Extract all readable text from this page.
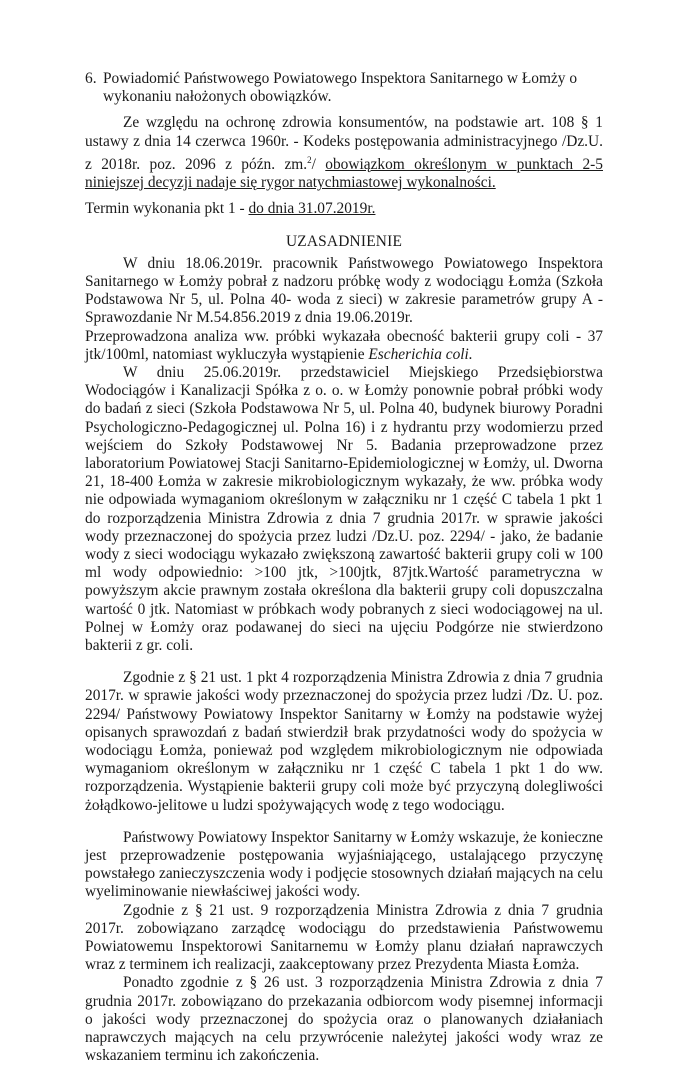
6. Powiadomić Państwowego Powiatowego Inspektora Sanitarnego w Łomży o wykonaniu nałożonych obowiązków.

Ze względu na ochronę zdrowia konsumentów, na podstawie art. 108 § 1 ustawy z dnia 14 czerwca 1960r. - Kodeks postępowania administracyjnego /Dz.U. z 2018r. poz. 2096 z późn. zm.$^2$/ obowiązkom określonym w punktach 2-5 niniejszej decyzji nadaje się rygor natychmiastowej wykonalności.

Termin wykonania pkt 1 - do dnia 31.07.2019r.

UZASADNIENIE

W dniu 18.06.2019r. pracownik Państwowego Powiatowego Inspektora Sanitarnego w Łomży pobrał z nadzoru próbkę wody z wodociągu Łomża (Szkoła Podstawowa Nr 5, ul. Polna 40- woda z sieci) w zakresie parametrów grupy A - Sprawozdanie Nr M.54.856.2019 z dnia 19.06.2019r.

Przeprowadzona analiza ww. próbki wykazała obecność bakterii grupy coli - 37 jtk/100ml, natomiast wykluczyła wystąpienie Escherichia coli.

W dniu 25.06.2019r. przedstawiciel Miejskiego Przedsiębiorstwa Wodociągów i Kanalizacji Spółka z o. o. w Łomży ponownie pobrał próbki wody do badań z sieci (Szkoła Podstawowa Nr 5, ul. Polna 40, budynek biurowy Poradni Psychologiczno-Pedagogicznej ul. Polna 16) i z hydrantu przy wodomierzu przed wejściem do Szkoły Podstawowej Nr 5. Badania przeprowadzone przez laboratorium Powiatowej Stacji Sanitarno-Epidemiologicznej w Łomży, ul. Dworna 21, 18-400 Łomża w zakresie mikrobiologicznym wykazały, że ww. próbka wody nie odpowiada wymaganiom określonym w załączniku nr 1 część C tabela 1 pkt 1 do rozporządzenia Ministra Zdrowia z dnia 7 grudnia 2017r. w sprawie jakości wody przeznaczonej do spożycia przez ludzi /Dz.U. poz. 2294/ - jako, że badanie wody z sieci wodociągu wykazało zwiększoną zawartość bakterii grupy coli w 100 ml wody odpowiednio: >100 jtk, >100jtk, 87jtk.Wartość parametryczna w powyższym akcie prawnym została określona dla bakterii grupy coli dopuszczalna wartość 0 jtk. Natomiast w próbkach wody pobranych z sieci wodociągowej na ul. Polnej w Łomży oraz podawanej do sieci na ujęciu Podgórze nie stwierdzono bakterii z gr. coli.

Zgodnie z § 21 ust. 1 pkt 4 rozporządzenia Ministra Zdrowia z dnia 7 grudnia 2017r. w sprawie jakości wody przeznaczonej do spożycia przez ludzi /Dz. U. poz. 2294/ Państwowy Powiatowy Inspektor Sanitarny w Łomży na podstawie wyżej opisanych sprawozdań z badań stwierdził brak przydatności wody do spożycia w wodociągu Łomża, ponieważ pod względem mikrobiologicznym nie odpowiada wymaganiom określonym w załączniku nr 1 część C tabela 1 pkt 1 do ww. rozporządzenia. Wystąpienie bakterii grupy coli może być przyczyną dolegliwości żołądkowo-jelitowe u ludzi spożywających wodę z tego wodociągu.

Państwowy Powiatowy Inspektor Sanitarny w Łomży wskazuje, że konieczne jest przeprowadzenie postępowania wyjaśniającego, ustalającego przyczynę powstałego zanieczyszczenia wody i podjęcie stosownych działań mających na celu wyeliminowanie niewłaściwej jakości wody.

Zgodnie z § 21 ust. 9 rozporządzenia Ministra Zdrowia z dnia 7 grudnia 2017r. zobowiązano zarządcę wodociągu do przedstawienia Państwowemu Powiatowemu Inspektorowi Sanitarnemu w Łomży planu działań naprawczych wraz z terminem ich realizacji, zaakceptowany przez Prezydenta Miasta Łomża.

Ponadto zgodnie z § 26 ust. 3 rozporządzenia Ministra Zdrowia z dnia 7 grudnia 2017r. zobowiązano do przekazania odbiorcom wody pisemnej informacji o jakości wody przeznaczonej do spożycia oraz o planowanych działaniach naprawczych mających na celu przywrócenie należytej jakości wody wraz ze wskazaniem terminu ich zakończenia.
